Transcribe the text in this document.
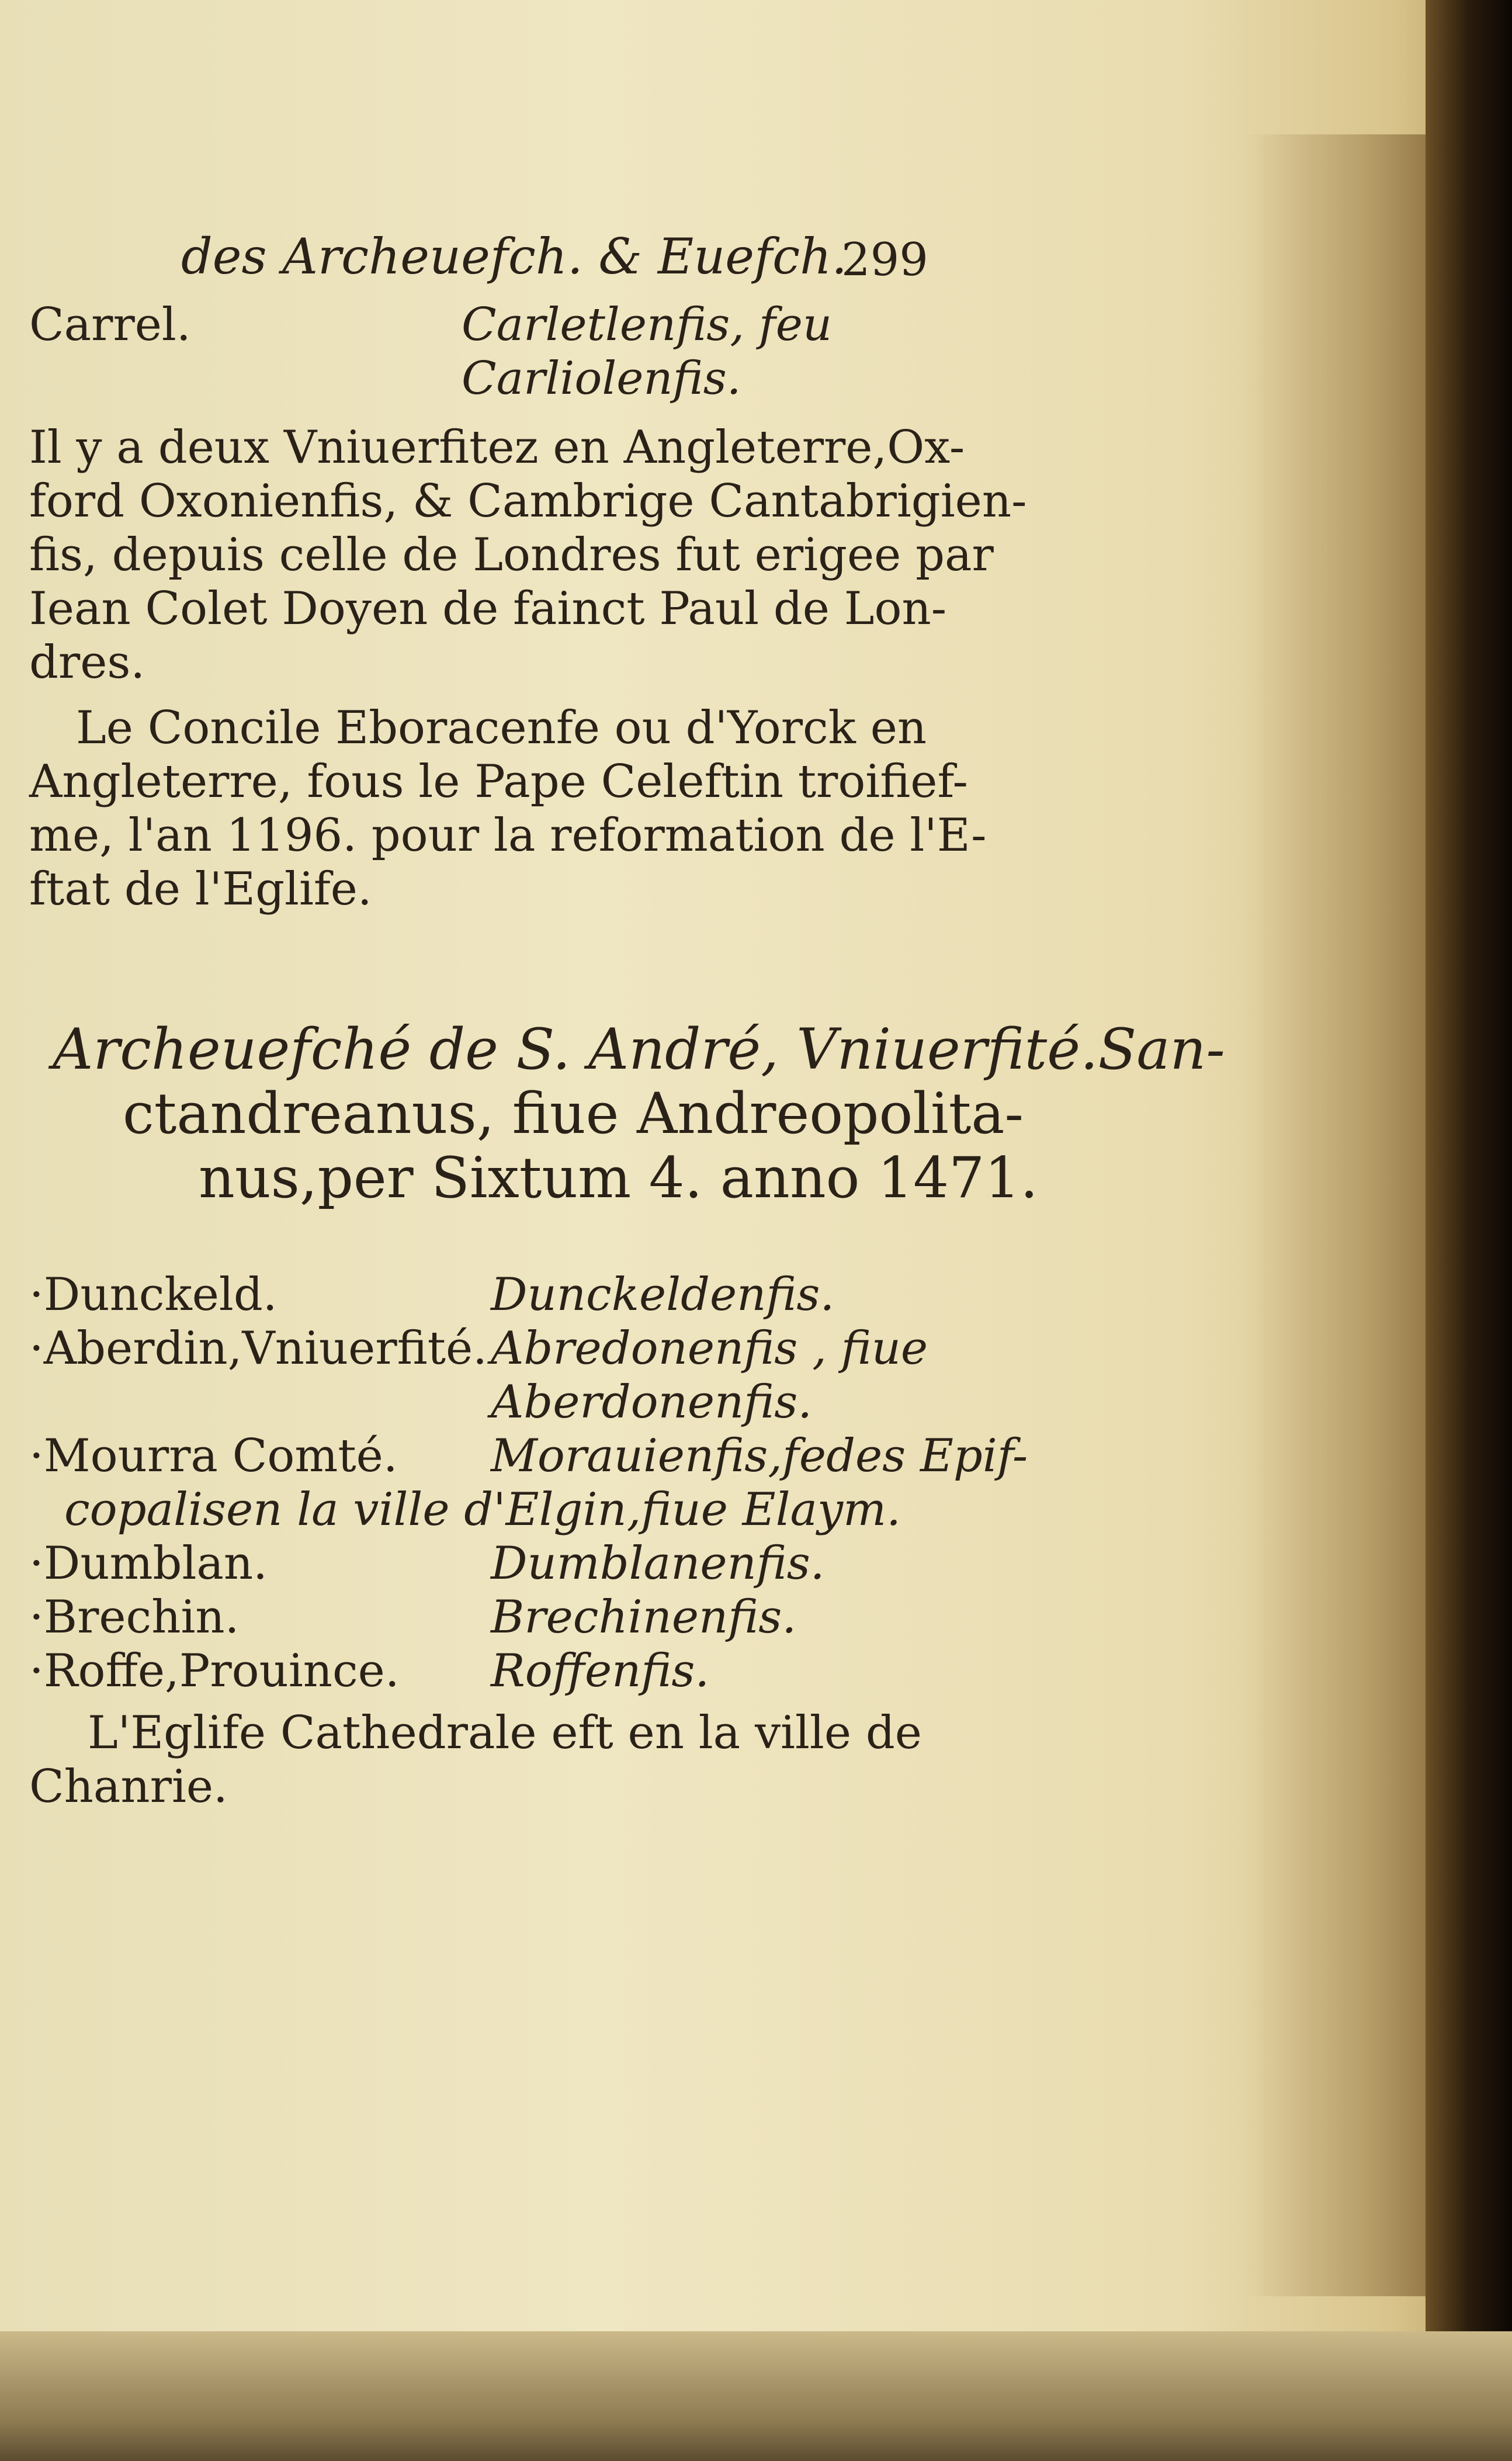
des Archeuefch. & Euefch.
299
Carrel.	Carletlenfis, feu
Carliolenfis.
Il y a deux Vniuerfitez en Angleterre,Ox-
ford Oxonienfis, & Cambrige Cantabrigien-
fis, depuis celle de Londres fut erigee par
Iean Colet Doyen de fainct Paul de Lon-
dres.
Le Concile Eboracenfe ou d'Yorck en
Angleterre, fous le Pape Celeftin troifief-
me, l'an 1196. pour la reformation de l'E-
ftat de l'Eglife.
Archeuefché de S. André, Vniuerfité.San-
ctandreanus, fiue Andreopolita-
nus,per Sixtum 4. anno 1471.
·Dunckeld.	Dunckeldenfis.
·Aberdin,Vniuerfité. Abredonenfis , fiue
Aberdonenfis.
·Mourra Comté. Morauienfis,fedes Epif-
copalisen la ville d'Elgin,fiue Elaym.
·Dumblan.	Dumblanenfis.
·Brechin.	Brechinenfis.
·Roffe,Prouince. Roffenfis.
L'Eglife Cathedrale eft en la ville de
Chanrie.
